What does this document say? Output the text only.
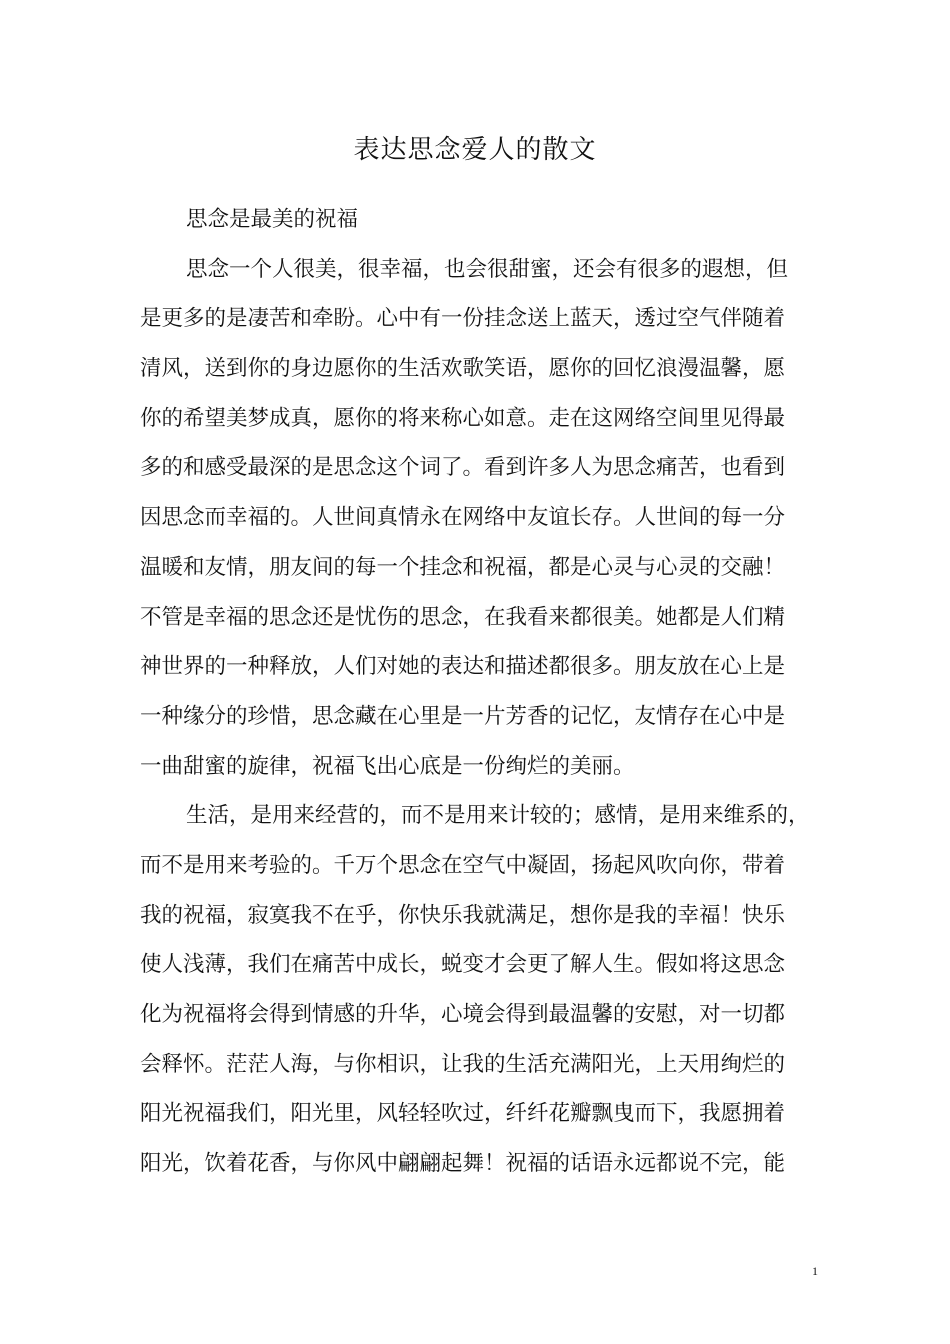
表达思念爱人的散文
思念是最美的祝福
思念一个人很美，很幸福，也会很甜蜜，还会有很多的遐想，但
是更多的是凄苦和牵盼。心中有一份挂念送上蓝天，透过空气伴随着
清风，送到你的身边愿你的生活欢歌笑语，愿你的回忆浪漫温馨，愿
你的希望美梦成真，愿你的将来称心如意。走在这网络空间里见得最
多的和感受最深的是思念这个词了。看到许多人为思念痛苦，也看到
因思念而幸福的。人世间真情永在网络中友谊长存。人世间的每一分
温暖和友情，朋友间的每一个挂念和祝福，都是心灵与心灵的交融！
不管是幸福的思念还是忧伤的思念，在我看来都很美。她都是人们精
神世界的一种释放，人们对她的表达和描述都很多。朋友放在心上是
一种缘分的珍惜，思念藏在心里是一片芳香的记忆，友情存在心中是
一曲甜蜜的旋律，祝福飞出心底是一份绚烂的美丽。
生活，是用来经营的，而不是用来计较的；感情，是用来维系的，
而不是用来考验的。千万个思念在空气中凝固，扬起风吹向你，带着
我的祝福，寂寞我不在乎，你快乐我就满足，想你是我的幸福！快乐
使人浅薄，我们在痛苦中成长，蜕变才会更了解人生。假如将这思念
化为祝福将会得到情感的升华，心境会得到最温馨的安慰，对一切都
会释怀。茫茫人海，与你相识，让我的生活充满阳光，上天用绚烂的
阳光祝福我们，阳光里，风轻轻吹过，纤纤花瓣飘曳而下，我愿拥着
阳光，饮着花香，与你风中翩翩起舞！祝福的话语永远都说不完，能
1
